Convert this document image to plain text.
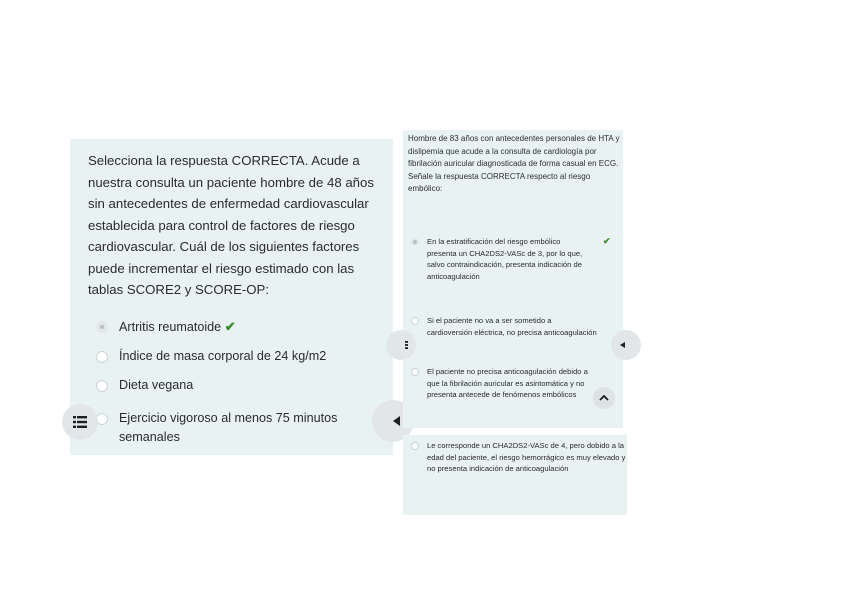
Selecciona la respuesta CORRECTA. Acude a nuestra consulta un paciente hombre de 48 años sin antecedentes de enfermedad cardiovascular establecida para control de factores de riesgo cardiovascular. Cuál de los siguientes factores puede incrementar el riesgo estimado con las tablas SCORE2 y SCORE-OP:

Artritis reumatoide ✔
Índice de masa corporal de 24 kg/m2
Dieta vegana
Ejercicio vigoroso al menos 75 minutos semanales

Hombre de 83 años con antecedentes personales de HTA y dislipemia que acude a la consulta de cardiología por fibrilación auricular diagnosticada de forma casual en ECG. Señale la respuesta CORRECTA respecto al riesgo embólico:

En la estratificación del riesgo embólico presenta un CHA2DS2-VASc de 3, por lo que, salvo contraindicación, presenta indicación de anticoagulación
✔
Si el paciente no va a ser sometido a cardioversión eléctrica, no precisa anticoagulación
El paciente no precisa anticoagulación debido a que la fibrilación auricular es asintomática y no presenta antecede de fenómenos embólicos
Le corresponde un CHA2DS2-VASc de 4, pero dobido a la edad del paciente, el riesgo hemorrágico es muy elevado y no presenta indicación de anticoagulación
